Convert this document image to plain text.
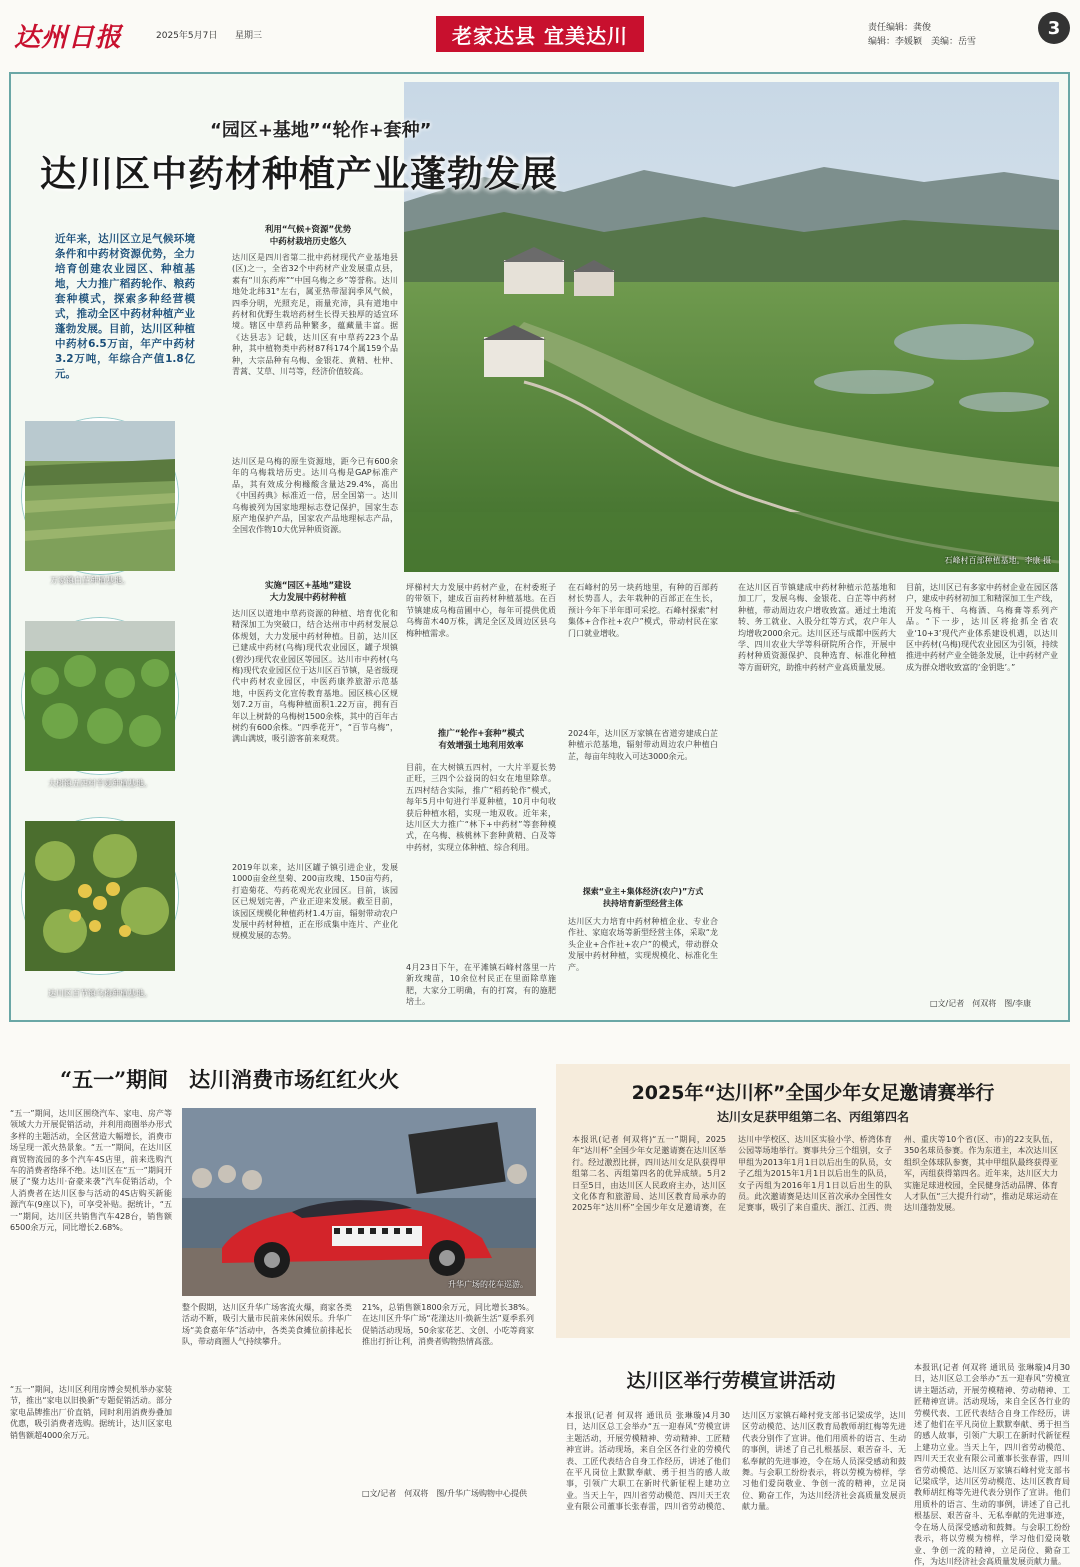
达州日报	2025年5月7日 星期三	老家达县 宜美达川	责任编辑：龚俊
编辑：李媛颖　美编：岳雪
3
石峰村百部种植基地。李康 摄
“园区+基地”“轮作+套种”
达川区中药材种植产业蓬勃发展
近年来，达川区立足气候环境条件和中药材资源优势，全力培育创建农业园区、种植基地，大力推广稻药轮作、粮药套种模式，探索多种经营模式，推动全区中药材种植产业蓬勃发展。目前，达川区种植中药材6.5万亩，年产中药材3.2万吨，年综合产值1.8亿元。
万家镇白芷种植基地。
大树镇五四村半夏种植基地。
达川区百节镇乌梅种植基地。
利用“气候+资源”优势
中药材栽培历史悠久
达川区是四川省第二批中药材现代产业基地县(区)之一，全省32个中药材产业发展重点县，素有“川东药库”“中国乌梅之乡”等誉称。达川地处北纬31°左右，属亚热带湿润季风气候，四季分明，光照充足，雨量充沛，具有道地中药材和优野生栽培药材生长得天独厚的适宜环境。辖区中草药品种繁多，蕴藏量丰富。据《达县志》记载，达川区有中草药223个品种，其中植物类中药材87科174个属159个品种，大宗品种有乌梅、金银花、黄精、杜仲、青蒿、艾草、川芎等，经济价值较高。
达川区是乌梅的原生资源地，距今已有600余年的乌梅栽培历史。达川乌梅是GAP标准产品，其有效成分枸橼酸含量达29.4%，高出《中国药典》标准近一倍，居全国第一。达川乌梅被列为国家地理标志登记保护，国家生态原产地保护产品，国家农产品地理标志产品，全国农作物10大优异种质资源。
实施“园区+基地”建设
大力发展中药材种植
达川区以道地中草药资源的种植、培育优化和精深加工为突破口，结合达州市中药材发展总体规划，大力发展中药材种植。目前，达川区已建成中药材(乌梅)现代农业园区，罐子坝镇(碧沙)现代农业园区等园区。达川市中药材(乌梅)现代农业园区位于达川区百节镇，是省级现代中药材农业园区，中医药康养旅游示范基地，中医药文化宣传教育基地。园区核心区规划7.2万亩，乌梅种植面积1.22万亩，拥有百年以上树龄的乌梅树1500余株，其中的百年古树约有600余株。“四季花开”，“百节乌梅”，满山满坡，吸引游客前来观赏。
2019年以来，达川区罐子镇引进企业，发展1000亩金丝皇菊、200亩玫瑰、150亩芍药，打造菊花、芍药花观光农业园区。目前，该园区已规划完善，产业正迎来发展。截至目前，该园区规模化种植药材1.4万亩，辐射带动农户发展中药材种植，正在形成集中连片、产业化规模发展的态势。
坪梯村大力发展中药材产业，在村委班子的带领下，建成百亩药材种植基地。在百节镇建成乌梅苗圃中心，每年可提供优质乌梅苗木40万株，满足全区及周边区县乌梅种植需求。
推广“轮作+套种”模式
有效增强土地利用效率
目前，在大树镇五四村，一大片半夏长势正旺，三四个公益岗的妇女在地里除草。五四村结合实际，推广“稻药轮作”模式，每年5月中旬进行半夏种植，10月中旬收获后种植水稻，实现一地双收。近年来，达川区大力推广“林下+中药材”等套种模式，在乌梅、核桃林下套种黄精、白及等中药材，实现立体种植、综合利用。
4月23日下午，在平滩镇石峰村落里一片新玫瑰苗，10余位村民正在里面除草施肥，大家分工明确，有的打窝，有的施肥培土。
在石峰村的另一块药地里，有种的百部药材长势喜人，去年栽种的百部正在生长，预计今年下半年即可采挖。石峰村探索“村集体+合作社+农户”模式，带动村民在家门口就业增收。
2024年，达川区万家镇在省道旁建成白芷种植示范基地，辐射带动周边农户种植白芷，每亩年纯收入可达3000余元。
探索“业主+集体经济(农户)”方式
扶持培育新型经营主体
达川区大力培育中药材种植企业、专业合作社、家庭农场等新型经营主体，采取“龙头企业+合作社+农户”的模式，带动群众发展中药材种植，实现规模化、标准化生产。
在达川区百节镇建成中药材种植示范基地和加工厂，发展乌梅、金银花、白芷等中药材种植，带动周边农户增收致富。通过土地流转、务工就业、入股分红等方式，农户年人均增收2000余元。达川区还与成都中医药大学、四川农业大学等科研院所合作，开展中药材种质资源保护、良种选育、标准化种植等方面研究，助推中药材产业高质量发展。
目前，达川区已有多家中药材企业在园区落户，建成中药材初加工和精深加工生产线，开发乌梅干、乌梅酒、乌梅膏等系列产品。“下一步，达川区将抢抓全省农业‘10+3’现代产业体系建设机遇，以达川区中药材(乌梅)现代农业园区为引领，持续推进中药材产业全链条发展，让中药材产业成为群众增收致富的‘金钥匙’。”
□文/记者　何双将　图/李康
“五一”期间　达川消费市场红红火火
“五一”期间，达川区围绕汽车、家电、房产等领域大力开展促销活动，并利用商圈举办形式多样的主题活动，全区营造大幅增长，消费市场呈现一派火热景象。“五一”期间，在达川区商贸物流园的多个汽车4S店里，前来选购汽车的消费者络绎不绝。达川区在“五一”期间开展了“聚力达川·奋豪来袭”汽车促销活动，个人消费者在达川区参与活动的4S店购买新能源汽车(9座以下)，可享受补贴。据统计，“五一”期间，达川区共销售汽车428台，销售额6500余万元，同比增长2.68%。
“五一”期间，达川区利用房博会契机举办家装节，推出“家电以旧换新”专题促销活动。部分家电品牌推出厂价直销，同时利用消费券叠加优惠，吸引消费者选购。据统计，达川区家电销售额超4000余万元。
升华广场的花车巡游。
整个假期，达川区升华广场客流火爆，商家各类活动不断，吸引大量市民前来休闲娱乐。升华广场“美食嘉年华”活动中，各类美食摊位前排起长队，带动商圈人气持续攀升。
21%，总销售额1800余万元，同比增长38%。在达川区升华广场“花漾达川·焕新生活”夏季系列促销活动现场，50余家花艺、文创、小吃等商家推出打折让利，消费者购物热情高涨。
□文/记者　何双将　图/升华广场购物中心提供
2025年“达川杯”全国少年女足邀请赛举行
达川女足获甲组第二名、丙组第四名
本报讯(记者 何双将)“五一”期间，2025年“达川杯”全国少年女足邀请赛在达川区举行。经过激烈比拼，四川达川女足队获得甲组第二名、丙组第四名的优异成绩。5月2日至5日，由达川区人民政府主办，达川区文化体育和旅游局、达川区教育局承办的2025年“达川杯”全国少年女足邀请赛，在达川中学校区、达川区实验小学、桥湾体育公园等场地举行。赛事共分三个组别，女子甲组为2013年1月1日以后出生的队员，女子乙组为2015年1月1日以后出生的队员，女子丙组为2016年1月1日以后出生的队员。此次邀请赛是达川区首次承办全国性女足赛事，吸引了来自重庆、浙江、江西、贵州、重庆等10个省(区、市)的22支队伍，350名球员参赛。作为东道主，本次达川区组织全体球队参赛，其中甲组队最终获得亚军，丙组获得第四名。近年来，达川区大力实施足球进校园，全民健身活动品牌、体育人才队伍“三大提升行动”，推动足球运动在达川蓬勃发展。
达川区举行劳模宣讲活动
本报讯(记者 何双将 通讯员 张琳璇)4月30日，达川区总工会举办“五一迎春风”劳模宣讲主题活动，开展劳模精神、劳动精神、工匠精神宣讲。活动现场，来自全区各行业的劳模代表、工匠代表结合自身工作经历，讲述了他们在平凡岗位上默默奉献、勇于担当的感人故事，引领广大职工在新时代新征程上建功立业。当天上午，四川省劳动模范、四川天王农业有限公司董事长张春雷，四川省劳动模范、达川区万家镇石峰村党支部书记梁成学，达川区劳动模范、达川区教育局教师胡红梅等先进代表分别作了宣讲。他们用质朴的语言、生动的事例，讲述了自己扎根基层、艰苦奋斗、无私奉献的先进事迹，令在场人员深受感动和鼓舞。与会职工纷纷表示，将以劳模为榜样，学习他们爱岗敬业、争创一流的精神，立足岗位、勤奋工作，为达川经济社会高质量发展贡献力量。
本报讯(记者 何双将 通讯员 张琳璇)4月30日，达川区总工会举办“五一迎春风”劳模宣讲主题活动，开展劳模精神、劳动精神、工匠精神宣讲。活动现场，来自全区各行业的劳模代表、工匠代表结合自身工作经历，讲述了他们在平凡岗位上默默奉献、勇于担当的感人故事，引领广大职工在新时代新征程上建功立业。当天上午，四川省劳动模范、四川天王农业有限公司董事长张春雷，四川省劳动模范、达川区万家镇石峰村党支部书记梁成学，达川区劳动模范、达川区教育局教师胡红梅等先进代表分别作了宣讲。他们用质朴的语言、生动的事例，讲述了自己扎根基层、艰苦奋斗、无私奉献的先进事迹，令在场人员深受感动和鼓舞。与会职工纷纷表示，将以劳模为榜样，学习他们爱岗敬业、争创一流的精神，立足岗位、勤奋工作，为达川经济社会高质量发展贡献力量。
